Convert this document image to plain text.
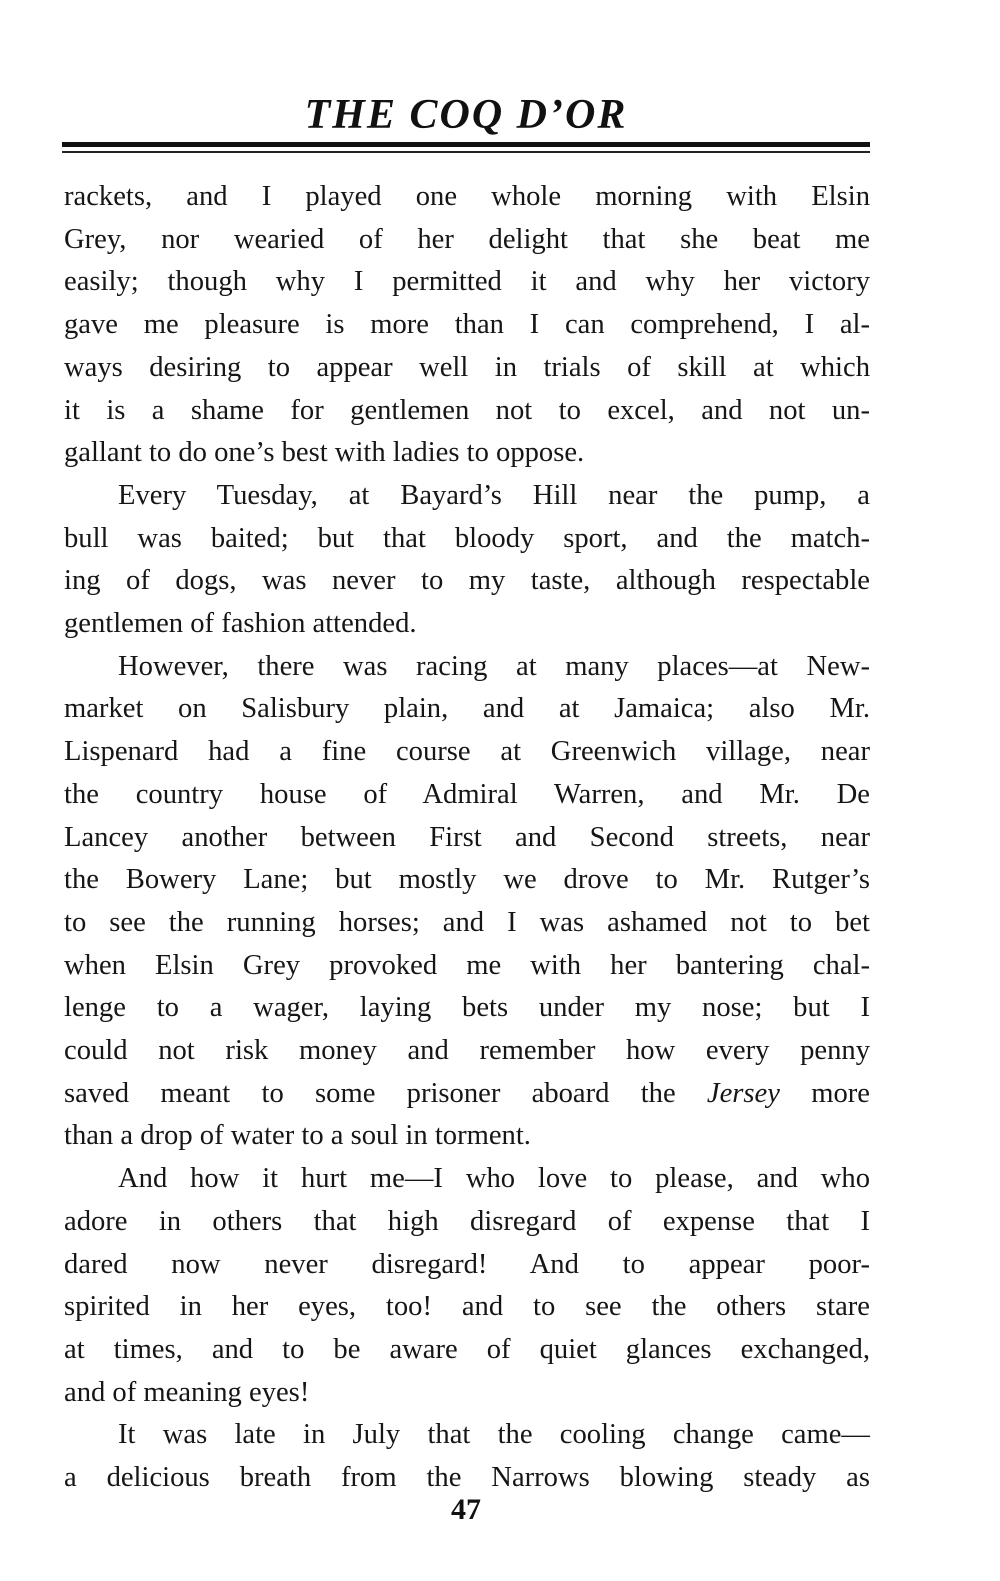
THE COQ D’OR

rackets, and I played one whole morning with Elsin

Grey, nor wearied of her delight that she beat me

easily; though why I permitted it and why her victory

gave me pleasure is more than I can comprehend, I al-

ways desiring to appear well in trials of skill at which

it is a shame for gentlemen not to excel, and not un-

gallant to do one’s best with ladies to oppose.

Every Tuesday, at Bayard’s Hill near the pump, a

bull was baited; but that bloody sport, and the match-

ing of dogs, was never to my taste, although respectable

gentlemen of fashion attended.

However, there was racing at many places—at New-

market on Salisbury plain, and at Jamaica; also Mr.

Lispenard had a fine course at Greenwich village, near

the country house of Admiral Warren, and Mr. De

Lancey another between First and Second streets, near

the Bowery Lane; but mostly we drove to Mr. Rutger’s

to see the running horses; and I was ashamed not to bet

when Elsin Grey provoked me with her bantering chal-

lenge to a wager, laying bets under my nose; but I

could not risk money and remember how every penny

saved meant to some prisoner aboard the Jersey more

than a drop of water to a soul in torment.

And how it hurt me—I who love to please, and who

adore in others that high disregard of expense that I

dared now never disregard! And to appear poor-

spirited in her eyes, too! and to see the others stare

at times, and to be aware of quiet glances exchanged,

and of meaning eyes!

It was late in July that the cooling change came—

a delicious breath from the Narrows blowing steady as

47
